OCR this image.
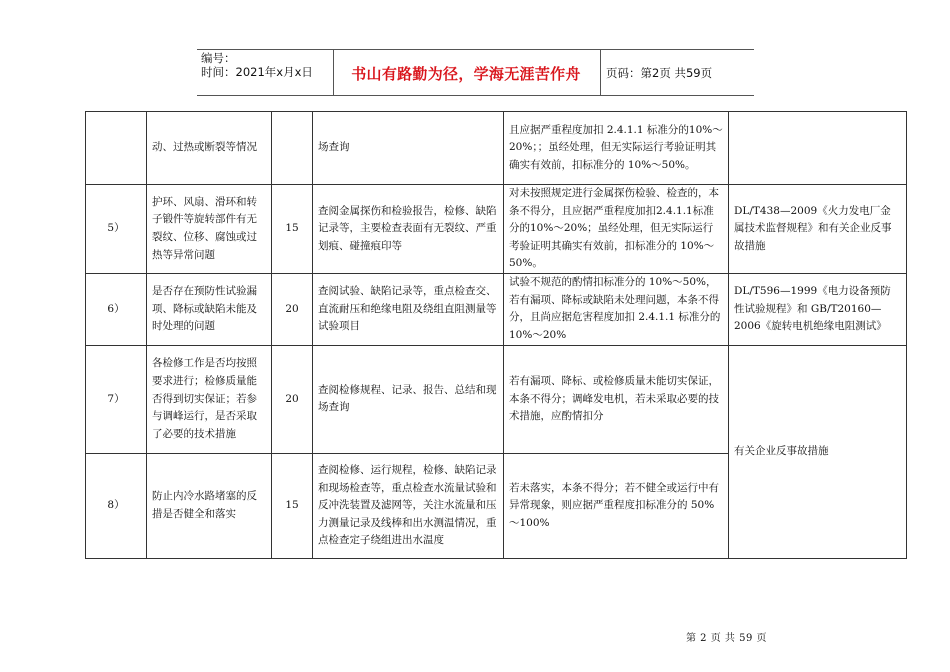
编号：
时间：2021年x月x日	书山有路勤为径，学海无涯苦作舟	页码：第2页 共59页
	动、过热或断裂等情况		场查询	且应据严重程度加扣 2.4.1.1 标准分的10%～20%；；虽经处理，但无实际运行考验证明其确实有效前，扣标准分的 10%～50%。	
5）	护环、风扇、滑环和转子锻件等旋转部件有无裂纹、位移、腐蚀或过热等异常问题	15	查阅金属探伤和检验报告，检修、缺陷记录等，主要检查表面有无裂纹、严重划痕、碰撞痕印等	对未按照规定进行金属探伤检验、检查的，本条不得分，且应据严重程度加扣2.4.1.1标准分的10%～20%；虽经处理，但无实际运行考验证明其确实有效前，扣标准分的 10%～50%。	DL/T438—2009《火力发电厂金属技术监督规程》和有关企业反事故措施
6）	是否存在预防性试验漏项、降标或缺陷未能及时处理的问题	20	查阅试验、缺陷记录等，重点检查交、直流耐压和绝缘电阻及绕组直阻测量等试验项目	试验不规范的酌情扣标准分的 10%～50%，若有漏项、降标或缺陷未处理问题，本条不得分，且尚应据危害程度加扣 2.4.1.1 标准分的 10%～20%	DL/T596—1999《电力设备预防性试验规程》和 GB/T20160—2006《旋转电机绝缘电阻测试》
7）	各检修工作是否均按照要求进行；检修质量能否得到切实保证；若参与调峰运行，是否采取了必要的技术措施	20	查阅检修规程、记录、报告、总结和现场查询	若有漏项、降标、或检修质量未能切实保证，本条不得分；调峰发电机，若未采取必要的技术措施，应酌情扣分	有关企业反事故措施
8）	防止内冷水路堵塞的反措是否健全和落实	15	查阅检修、运行规程，检修、缺陷记录和现场检查等，重点检查水流量试验和反冲洗装置及滤网等，关注水流量和压力测量记录及线棒和出水测温情况，重点检查定子绕组进出水温度	若未落实，本条不得分；若不健全或运行中有异常现象，则应据严重程度扣标准分的 50%～100%	
第 2 页 共 59 页
